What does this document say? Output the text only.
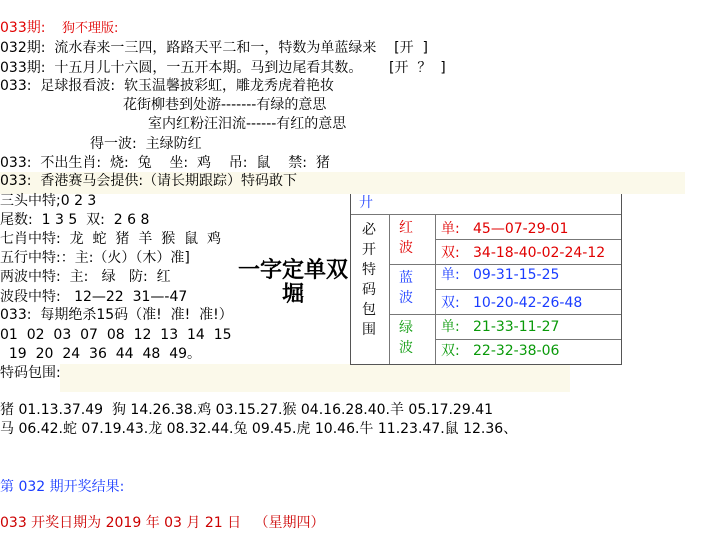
033期: 狗不理版:
032期:  流水春来一三四，路路天平二和一，特数为单蓝绿来    [开  ]
033期:  十五月儿十六圆，一五开本期。马到边尾看其数。      [开  ？  ]
033:  足球报看波:  软玉温馨披彩虹，雕龙秀虎着艳妆
花街柳巷到处游-------有绿的意思
室内红粉汪汨流------有红的意思
得一波:  主绿防红
033:  不出生肖:  烧:  兔    坐:  鸡    吊:  鼠    禁:  猪
033:  香港赛马会提供:（请长期跟踪）特码敢下
三头中特;0 2 3
尾数:  1 3 5  双:  2 6 8
七肖中特:  龙  蛇  猪  羊  猴  鼠  鸡
五行中特:：主:（火）（木）准]
两波中特:  主:   绿   防:  红
波段中特:   12—22  31—-47
033:  每期绝杀15码（准!  准!  准!）
01  02  03  07  08  12  13  14  15
19  20  24  36  44  48  49。
特码包围:
一字定单双堀
廾
必开特码包围
红波
蓝波
绿波
单: 45—07-29-01
双: 34-18-40-02-24-12
单: 09-31-15-25
双: 10-20-42-26-48
单: 21-33-11-27
双: 22-32-38-06
猪 01.13.37.49  狗 14.26.38.鸡 03.15.27.猴 04.16.28.40.羊 05.17.29.41
马 06.42.蛇 07.19.43.龙 08.32.44.兔 09.45.虎 10.46.牛 11.23.47.鼠 12.36、
第 032 期开奖结果:
033 开奖日期为 2019 年 03 月 21 日   （星期四）
